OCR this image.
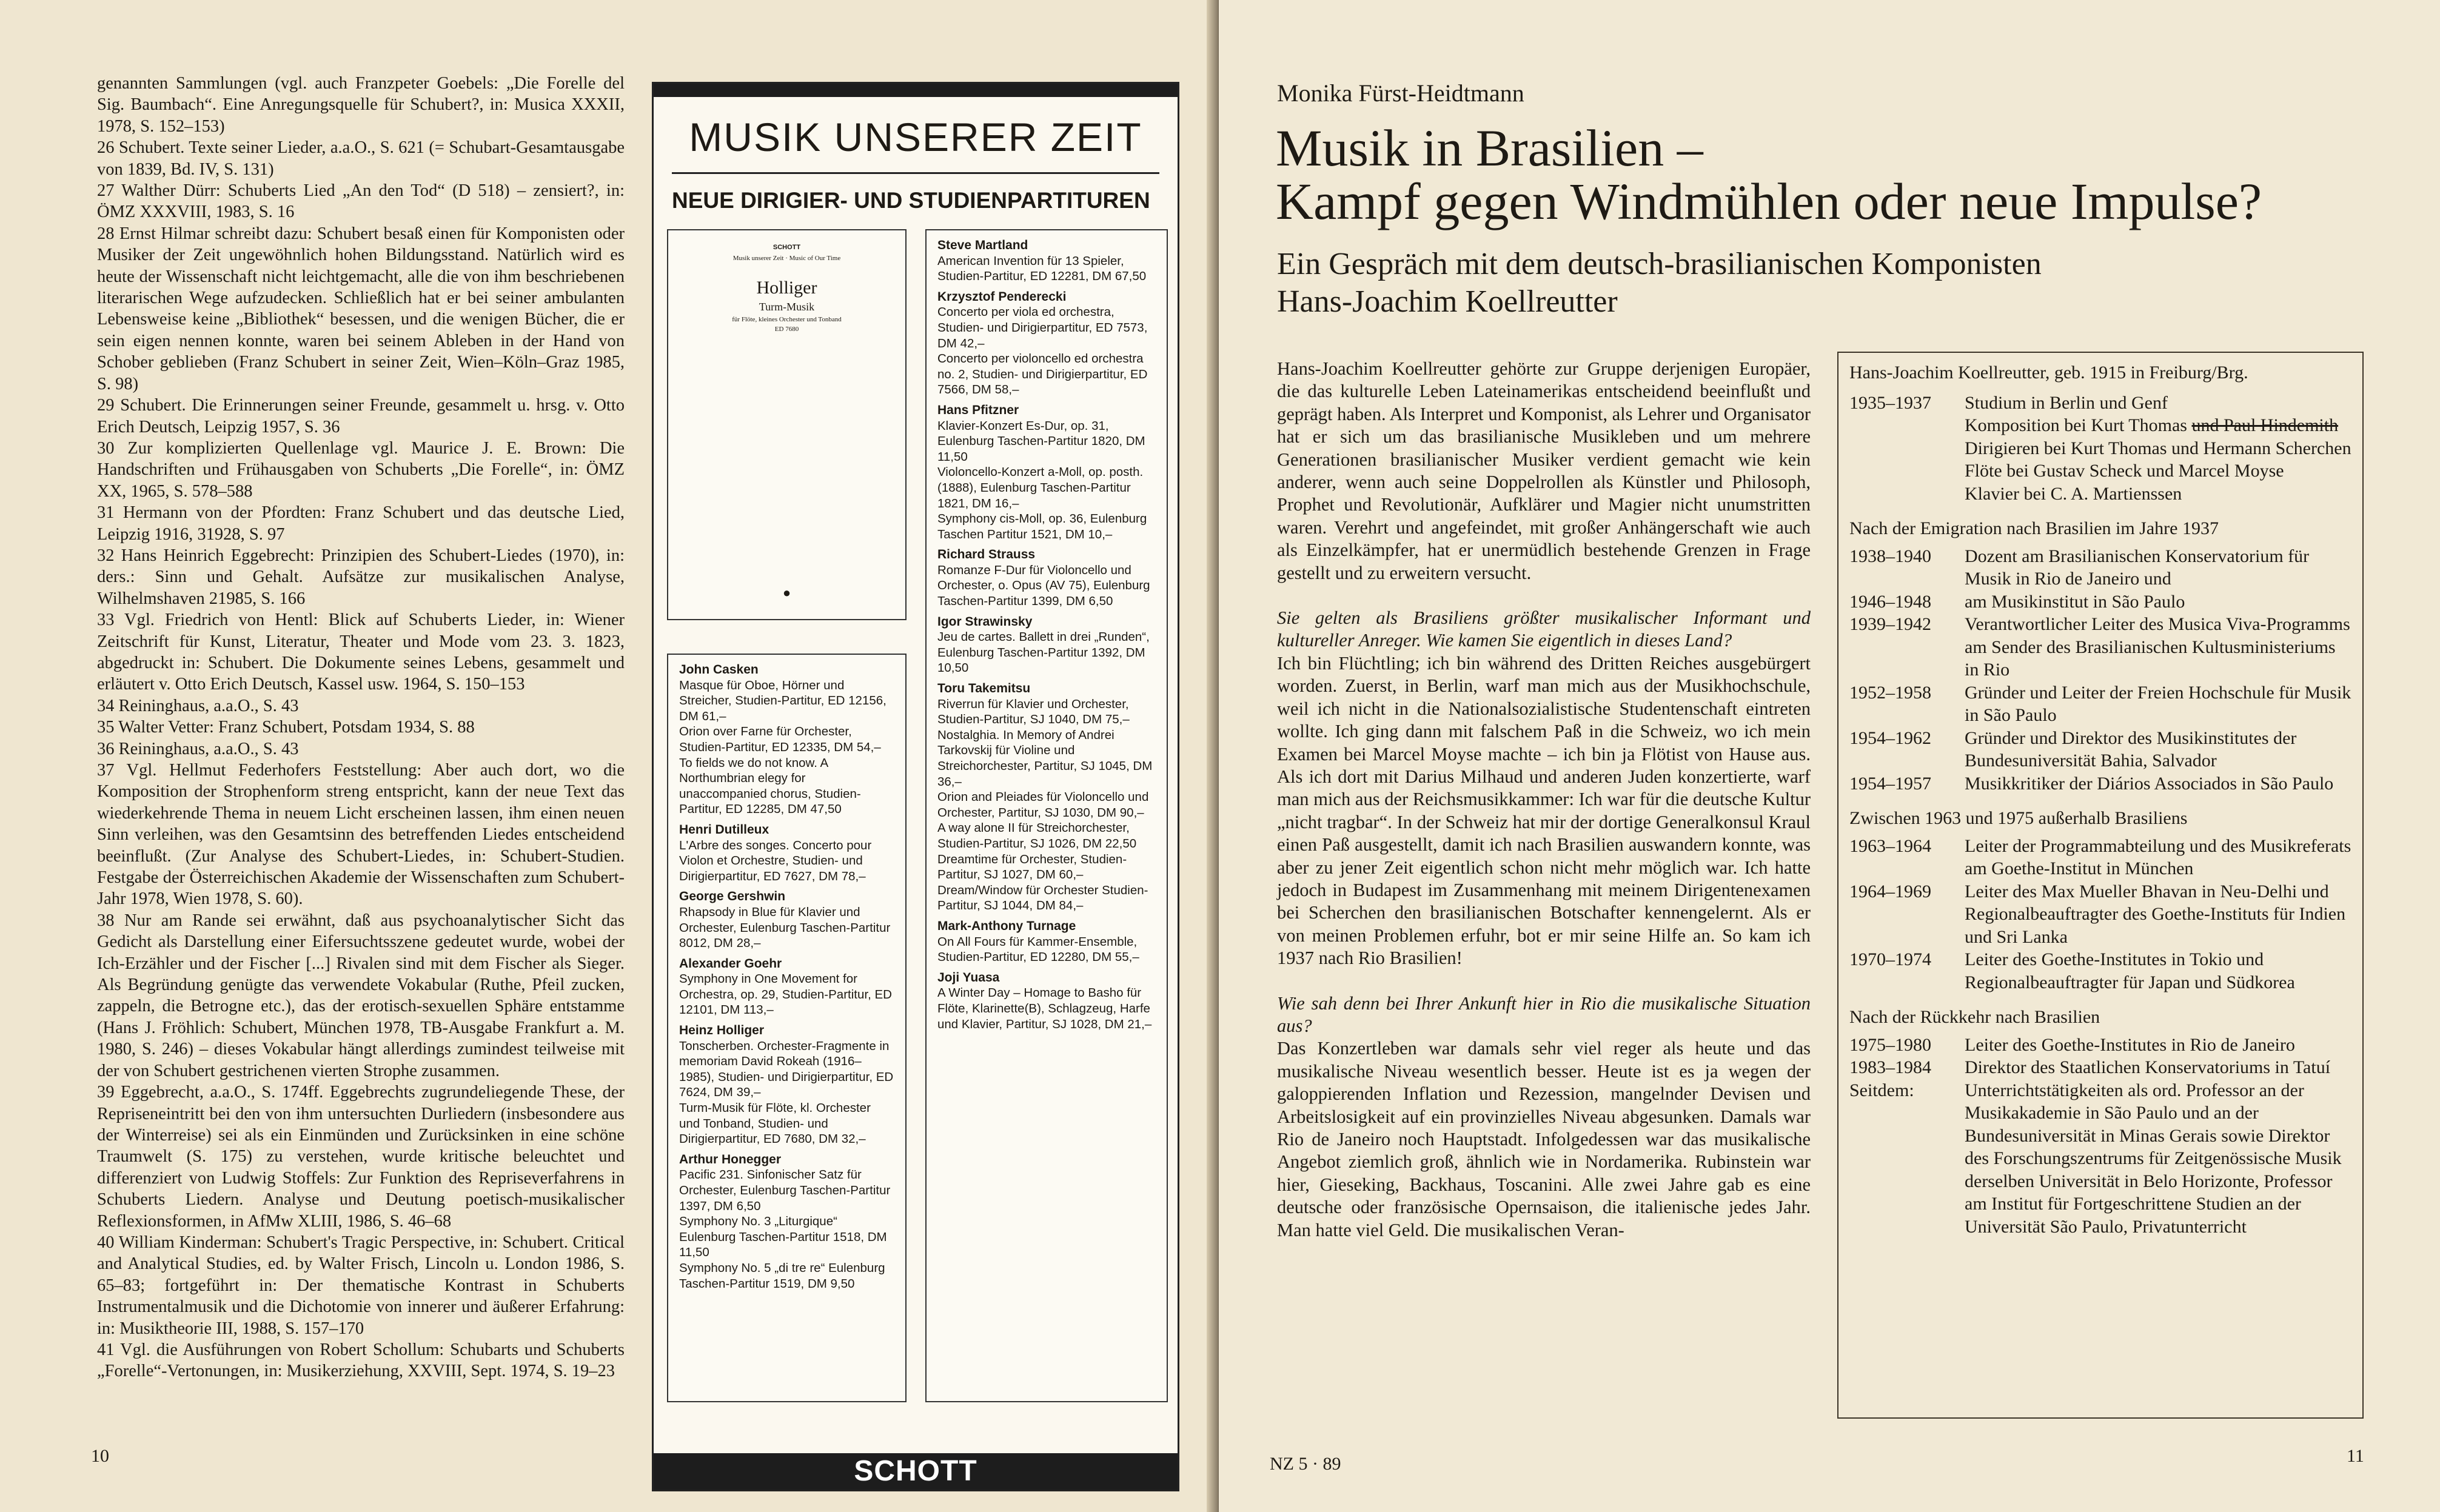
genannten Sammlungen (vgl. auch Franzpeter Goebels: „Die Forelle del Sig. Baumbach“. Eine Anregungsquelle für Schubert?, in: Musica XXXII, 1978, S. 152–153)

26 Schubert. Texte seiner Lieder, a.a.O., S. 621 (= Schubart-Gesamtausgabe von 1839, Bd. IV, S. 131)

27 Walther Dürr: Schuberts Lied „An den Tod“ (D 518) – zensiert?, in: ÖMZ XXXVIII, 1983, S. 16

28 Ernst Hilmar schreibt dazu: Schubert besaß einen für Komponisten oder Musiker der Zeit ungewöhnlich hohen Bildungsstand. Natürlich wird es heute der Wissenschaft nicht leichtgemacht, alle die von ihm beschriebenen literarischen Wege aufzudecken. Schließlich hat er bei seiner ambulanten Lebensweise keine „Bibliothek“ besessen, und die wenigen Bücher, die er sein eigen nennen konnte, waren bei seinem Ableben in der Hand von Schober geblieben (Franz Schubert in seiner Zeit, Wien–Köln–Graz 1985, S. 98)

29 Schubert. Die Erinnerungen seiner Freunde, gesammelt u. hrsg. v. Otto Erich Deutsch, Leipzig 1957, S. 36

30 Zur komplizierten Quellenlage vgl. Maurice J. E. Brown: Die Handschriften und Frühausgaben von Schuberts „Die Forelle“, in: ÖMZ XX, 1965, S. 578–588

31 Hermann von der Pfordten: Franz Schubert und das deutsche Lied, Leipzig 1916, 31928, S. 97

32 Hans Heinrich Eggebrecht: Prinzipien des Schubert-Liedes (1970), in: ders.: Sinn und Gehalt. Aufsätze zur musikalischen Analyse, Wilhelmshaven 21985, S. 166

33 Vgl. Friedrich von Hentl: Blick auf Schuberts Lieder, in: Wiener Zeitschrift für Kunst, Literatur, Theater und Mode vom 23. 3. 1823, abgedruckt in: Schubert. Die Dokumente seines Lebens, gesammelt und erläutert v. Otto Erich Deutsch, Kassel usw. 1964, S. 150–153

34 Reininghaus, a.a.O., S. 43

35 Walter Vetter: Franz Schubert, Potsdam 1934, S. 88

36 Reininghaus, a.a.O., S. 43

37 Vgl. Hellmut Federhofers Feststellung: Aber auch dort, wo die Komposition der Strophenform streng entspricht, kann der neue Text das wiederkehrende Thema in neuem Licht erscheinen lassen, ihm einen neuen Sinn verleihen, was den Gesamtsinn des betreffenden Liedes entscheidend beeinflußt. (Zur Analyse des Schubert-Liedes, in: Schubert-Studien. Festgabe der Österreichischen Akademie der Wissenschaften zum Schubert-Jahr 1978, Wien 1978, S. 60).

38 Nur am Rande sei erwähnt, daß aus psychoanalytischer Sicht das Gedicht als Darstellung einer Eifersuchtsszene gedeutet wurde, wobei der Ich-Erzähler und der Fischer [...] Rivalen sind mit dem Fischer als Sieger. Als Begründung genügte das verwendete Vokabular (Ruthe, Pfeil zucken, zappeln, die Betrogne etc.), das der erotisch-sexuellen Sphäre entstamme (Hans J. Fröhlich: Schubert, München 1978, TB-Ausgabe Frankfurt a. M. 1980, S. 246) – dieses Vokabular hängt allerdings zumindest teilweise mit der von Schubert gestrichenen vierten Strophe zusammen.

39 Eggebrecht, a.a.O., S. 174ff. Eggebrechts zugrundeliegende These, der Repriseneintritt bei den von ihm untersuchten Durliedern (insbesondere aus der Winterreise) sei als ein Einmünden und Zurücksinken in eine schöne Traumwelt (S. 175) zu verstehen, wurde kritische beleuchtet und differenziert von Ludwig Stoffels: Zur Funktion des Repriseverfahrens in Schuberts Liedern. Analyse und Deutung poetisch-musikalischer Reflexionsformen, in AfMw XLIII, 1986, S. 46–68

40 William Kinderman: Schubert's Tragic Perspective, in: Schubert. Critical and Analytical Studies, ed. by Walter Frisch, Lincoln u. London 1986, S. 65–83; fortgeführt in: Der thematische Kontrast in Schuberts Instrumentalmusik und die Dichotomie von innerer und äußerer Erfahrung: in: Musiktheorie III, 1988, S. 157–170

41 Vgl. die Ausführungen von Robert Schollum: Schubarts und Schuberts „Forelle“-Vertonungen, in: Musikerziehung, XXVIII, Sept. 1974, S. 19–23

10
MUSIK UNSERER ZEIT
NEUE DIRIGIER- UND STUDIENPARTITUREN
SCHOTT
Musik unserer Zeit · Music of Our Time
Holliger
Turm-Musik
für Flöte, kleines Orchester und Tonband
ED 7680
●
John Casken
Masque für Oboe, Hörner und Streicher, Studien-Partitur, ED 12156, DM 61,–
Orion over Farne für Orchester, Studien-Partitur, ED 12335, DM 54,–
To fields we do not know. A Northumbrian elegy for unaccompanied chorus, Studien-Partitur, ED 12285, DM 47,50
Henri Dutilleux
L'Arbre des songes. Concerto pour Violon et Orchestre, Studien- und Dirigierpartitur, ED 7627, DM 78,–
George Gershwin
Rhapsody in Blue für Klavier und Orchester, Eulenburg Taschen-Partitur 8012, DM 28,–
Alexander Goehr
Symphony in One Movement for Orchestra, op. 29, Studien-Partitur, ED 12101, DM 113,–
Heinz Holliger
Tonscherben. Orchester-Fragmente in memoriam David Rokeah (1916–1985), Studien- und Dirigierpartitur, ED 7624, DM 39,–
Turm-Musik für Flöte, kl. Orchester und Tonband, Studien- und Dirigierpartitur, ED 7680, DM 32,–
Arthur Honegger
Pacific 231. Sinfonischer Satz für Orchester, Eulenburg Taschen-Partitur 1397, DM 6,50
Symphony No. 3 „Liturgique“ Eulenburg Taschen-Partitur 1518, DM 11,50
Symphony No. 5 „di tre re“ Eulenburg Taschen-Partitur 1519, DM 9,50
Steve Martland
American Invention für 13 Spieler, Studien-Partitur, ED 12281, DM 67,50
Krzysztof Penderecki
Concerto per viola ed orchestra, Studien- und Dirigierpartitur, ED 7573, DM 42,–
Concerto per violoncello ed orchestra no. 2, Studien- und Dirigierpartitur, ED 7566, DM 58,–
Hans Pfitzner
Klavier-Konzert Es-Dur, op. 31, Eulenburg Taschen-Partitur 1820, DM 11,50
Violoncello-Konzert a-Moll, op. posth. (1888), Eulenburg Taschen-Partitur 1821, DM 16,–
Symphony cis-Moll, op. 36, Eulenburg Taschen Partitur 1521, DM 10,–
Richard Strauss
Romanze F-Dur für Violoncello und Orchester, o. Opus (AV 75), Eulenburg Taschen-Partitur 1399, DM 6,50
Igor Strawinsky
Jeu de cartes. Ballett in drei „Runden“, Eulenburg Taschen-Partitur 1392, DM 10,50
Toru Takemitsu
Riverrun für Klavier und Orchester, Studien-Partitur, SJ 1040, DM 75,–
Nostalghia. In Memory of Andrei Tarkovskij für Violine und Streichorchester, Partitur, SJ 1045, DM 36,–
Orion and Pleiades für Violoncello und Orchester, Partitur, SJ 1030, DM 90,–
A way alone II für Streichorchester, Studien-Partitur, SJ 1026, DM 22,50
Dreamtime für Orchester, Studien-Partitur, SJ 1027, DM 60,–
Dream/Window für Orchester Studien-Partitur, SJ 1044, DM 84,–
Mark-Anthony Turnage
On All Fours für Kammer-Ensemble, Studien-Partitur, ED 12280, DM 55,–
Joji Yuasa
A Winter Day – Homage to Basho für Flöte, Klarinette(B), Schlagzeug, Harfe und Klavier, Partitur, SJ 1028, DM 21,–
SCHOTT
Monika Fürst-Heidtmann
Musik in Brasilien –
Kampf gegen Windmühlen oder neue Impulse?
Ein Gespräch mit dem deutsch-brasilianischen Komponisten
Hans-Joachim Koellreutter

Hans-Joachim Koellreutter gehörte zur Gruppe derjenigen Europäer, die das kulturelle Leben Lateinamerikas entscheidend beeinflußt und geprägt haben. Als Interpret und Komponist, als Lehrer und Organisator hat er sich um das brasilianische Musikleben und um mehrere Generationen brasilianischer Musiker verdient gemacht wie kein anderer, wenn auch seine Doppelrollen als Künstler und Philosoph, Prophet und Revolutionär, Aufklärer und Magier nicht unumstritten waren. Verehrt und angefeindet, mit großer Anhängerschaft wie auch als Einzelkämpfer, hat er unermüdlich bestehende Grenzen in Frage gestellt und zu erweitern versucht.

Sie gelten als Brasiliens größter musikalischer Informant und kultureller Anreger. Wie kamen Sie eigentlich in dieses Land?

Ich bin Flüchtling; ich bin während des Dritten Reiches ausgebürgert worden. Zuerst, in Berlin, warf man mich aus der Musikhochschule, weil ich nicht in die Nationalsozialistische Studentenschaft eintreten wollte. Ich ging dann mit falschem Paß in die Schweiz, wo ich mein Examen bei Marcel Moyse machte – ich bin ja Flötist von Hause aus. Als ich dort mit Darius Milhaud und anderen Juden konzertierte, warf man mich aus der Reichsmusikkammer: Ich war für die deutsche Kultur „nicht tragbar“. In der Schweiz hat mir der dortige Generalkonsul Kraul einen Paß ausgestellt, damit ich nach Brasilien auswandern konnte, was aber zu jener Zeit eigentlich schon nicht mehr möglich war. Ich hatte jedoch in Budapest im Zusammenhang mit meinem Dirigentenexamen bei Scherchen den brasilianischen Botschafter kennengelernt. Als er von meinen Problemen erfuhr, bot er mir seine Hilfe an. So kam ich 1937 nach Rio Brasilien!

Wie sah denn bei Ihrer Ankunft hier in Rio die musikalische Situation aus?

Das Konzertleben war damals sehr viel reger als heute und das musikalische Niveau wesentlich besser. Heute ist es ja wegen der galoppierenden Inflation und Rezession, mangelnder Devisen und Arbeitslosigkeit auf ein provinzielles Niveau abgesunken. Damals war Rio de Janeiro noch Hauptstadt. Infolgedessen war das musikalische Angebot ziemlich groß, ähnlich wie in Nordamerika. Rubinstein war hier, Gieseking, Backhaus, Toscanini. Alle zwei Jahre gab es eine deutsche oder französische Opernsaison, die italienische jedes Jahr. Man hatte viel Geld. Die musikalischen Veran-

Hans-Joachim Koellreutter, geb. 1915 in Freiburg/Brg.
1935–1937	Studium in Berlin und Genf
Komposition bei Kurt Thomas und Paul Hindemith
Dirigieren bei Kurt Thomas und Hermann Scherchen
Flöte bei Gustav Scheck und Marcel Moyse
Klavier bei C. A. Martienssen
Nach der Emigration nach Brasilien im Jahre 1937
1938–1940	Dozent am Brasilianischen Konservatorium für Musik in Rio de Janeiro und
1946–1948	am Musikinstitut in São Paulo
1939–1942	Verantwortlicher Leiter des Musica Viva-Programms am Sender des Brasilianischen Kultusministeriums in Rio
1952–1958	Gründer und Leiter der Freien Hochschule für Musik in São Paulo
1954–1962	Gründer und Direktor des Musikinstitutes der Bundesuniversität Bahia, Salvador
1954–1957	Musikkritiker der Diários Associados in São Paulo
Zwischen 1963 und 1975 außerhalb Brasiliens
1963–1964	Leiter der Programmabteilung und des Musikreferats am Goethe-Institut in München
1964–1969	Leiter des Max Mueller Bhavan in Neu-Delhi und Regionalbeauftragter des Goethe-Instituts für Indien und Sri Lanka
1970–1974	Leiter des Goethe-Institutes in Tokio und Regionalbeauftragter für Japan und Südkorea
Nach der Rückkehr nach Brasilien
1975–1980	Leiter des Goethe-Institutes in Rio de Janeiro
1983–1984	Direktor des Staatlichen Konservatoriums in Tatuí
Seitdem:	Unterrichtstätigkeiten als ord. Professor an der Musikakademie in São Paulo und an der Bundesuniversität in Minas Gerais sowie Direktor des Forschungszentrums für Zeitgenössische Musik derselben Universität in Belo Horizonte, Professor am Institut für Fortgeschrittene Studien an der Universität São Paulo, Privatunterricht
NZ 5 · 89	11
